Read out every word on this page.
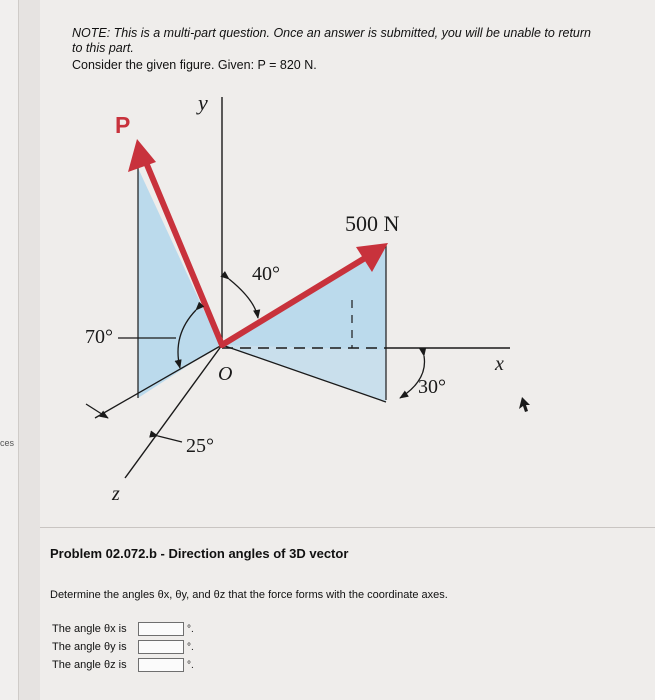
ces
NOTE: This is a multi-part question. Once an answer is submitted, you will be unable to return
to this part.
Consider the given figure. Given: P = 820 N.
y
P
500 N
40°
70°
O	x
30°
25°
z
Problem 02.072.b - Direction angles of 3D vector
Determine the angles θx, θy, and θz that the force forms with the coordinate axes.
The angle θx is	°.
The angle θy is	°.
The angle θz is	°.
